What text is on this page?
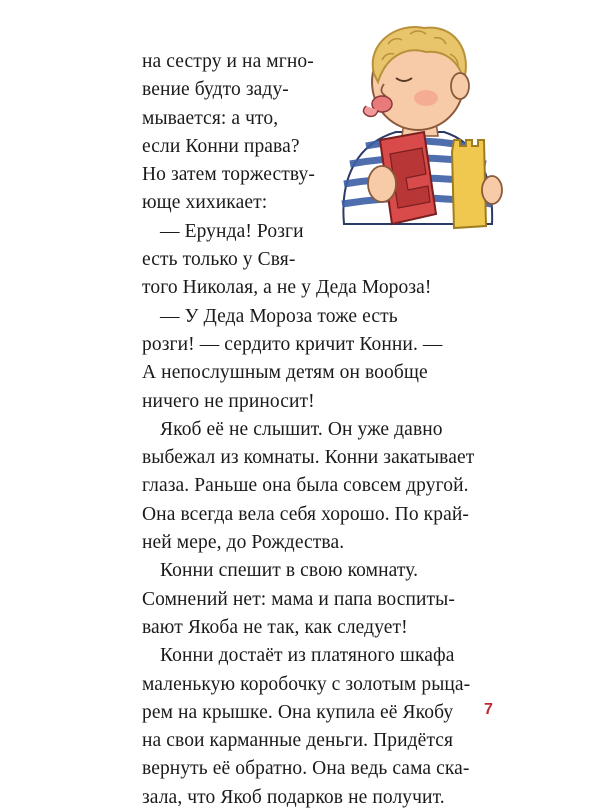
на сестру и на мгно-
вение будто заду-
мывается: а что,
если Конни права?
Но затем торжеству-
юще хихикает:
— Ерунда! Розги
есть только у Свя-
того Николая, а не у Деда Мороза!
— У Деда Мороза тоже есть
розги! — сердито кричит Конни. —
А непослушным детям он вообще
ничего не приносит!
Якоб её не слышит. Он уже давно
выбежал из комнаты. Конни закатывает
глаза. Раньше она была совсем другой.
Она всегда вела себя хорошо. По край-
ней мере, до Рождества.
Конни спешит в свою комнату.
Сомнений нет: мама и папа воспиты-
вают Якоба не так, как следует!
Конни достаёт из платяного шкафа
маленькую коробочку с золотым рыца-
рем на крышке. Она купила её Якобу
на свои карманные деньги. Придётся
вернуть её обратно. Она ведь сама ска-
зала, что Якоб подарков не получит.
7
